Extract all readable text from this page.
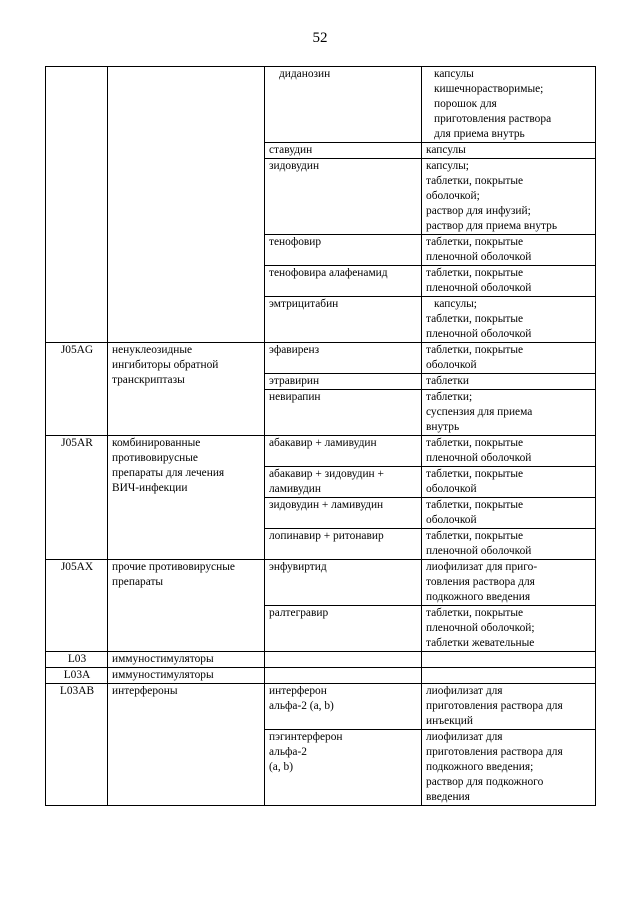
52

		диданозин	капсулы
кишечнорастворимые;
порошок для
приготовления раствора
для приема внутрь

		ставудин	капсулы

		зидовудин	капсулы;
таблетки, покрытые
оболочкой;
раствор для инфузий;
раствор для приема внутрь

		тенофовир	таблетки, покрытые
пленочной оболочкой

		тенофовира алафенамид	таблетки, покрытые
пленочной оболочкой

		эмтрицитабин	капсулы;
таблетки, покрытые
пленочной оболочкой

J05AG	ненуклеозидные
ингибиторы обратной
транскриптазы	эфавиренз	таблетки, покрытые
оболочкой

		этравирин	таблетки

		невирапин	таблетки;
суспензия для приема
внутрь

J05AR	комбинированные
противовирусные
препараты для лечения
ВИЧ-инфекции	абакавир + ламивудин	таблетки, покрытые
пленочной оболочкой

		абакавир + зидовудин +
ламивудин	таблетки, покрытые
оболочкой

		зидовудин + ламивудин	таблетки, покрытые
оболочкой

		лопинавир + ритонавир	таблетки, покрытые
пленочной оболочкой

J05AX	прочие противовирусные
препараты	энфувиртид	лиофилизат для приго-
товления раствора для
подкожного введения

		ралтегравир	таблетки, покрытые
пленочной оболочкой;
таблетки жевательные

L03	иммуностимуляторы		

L03A	иммуностимуляторы		

L03AB	интерфероны	интерферон
альфа-2 (a, b)	лиофилизат для
приготовления раствора для
инъекций

		пэгинтерферон
альфа-2
(a, b)	лиофилизат для
приготовления раствора для
подкожного введения;
раствор для подкожного
введения
